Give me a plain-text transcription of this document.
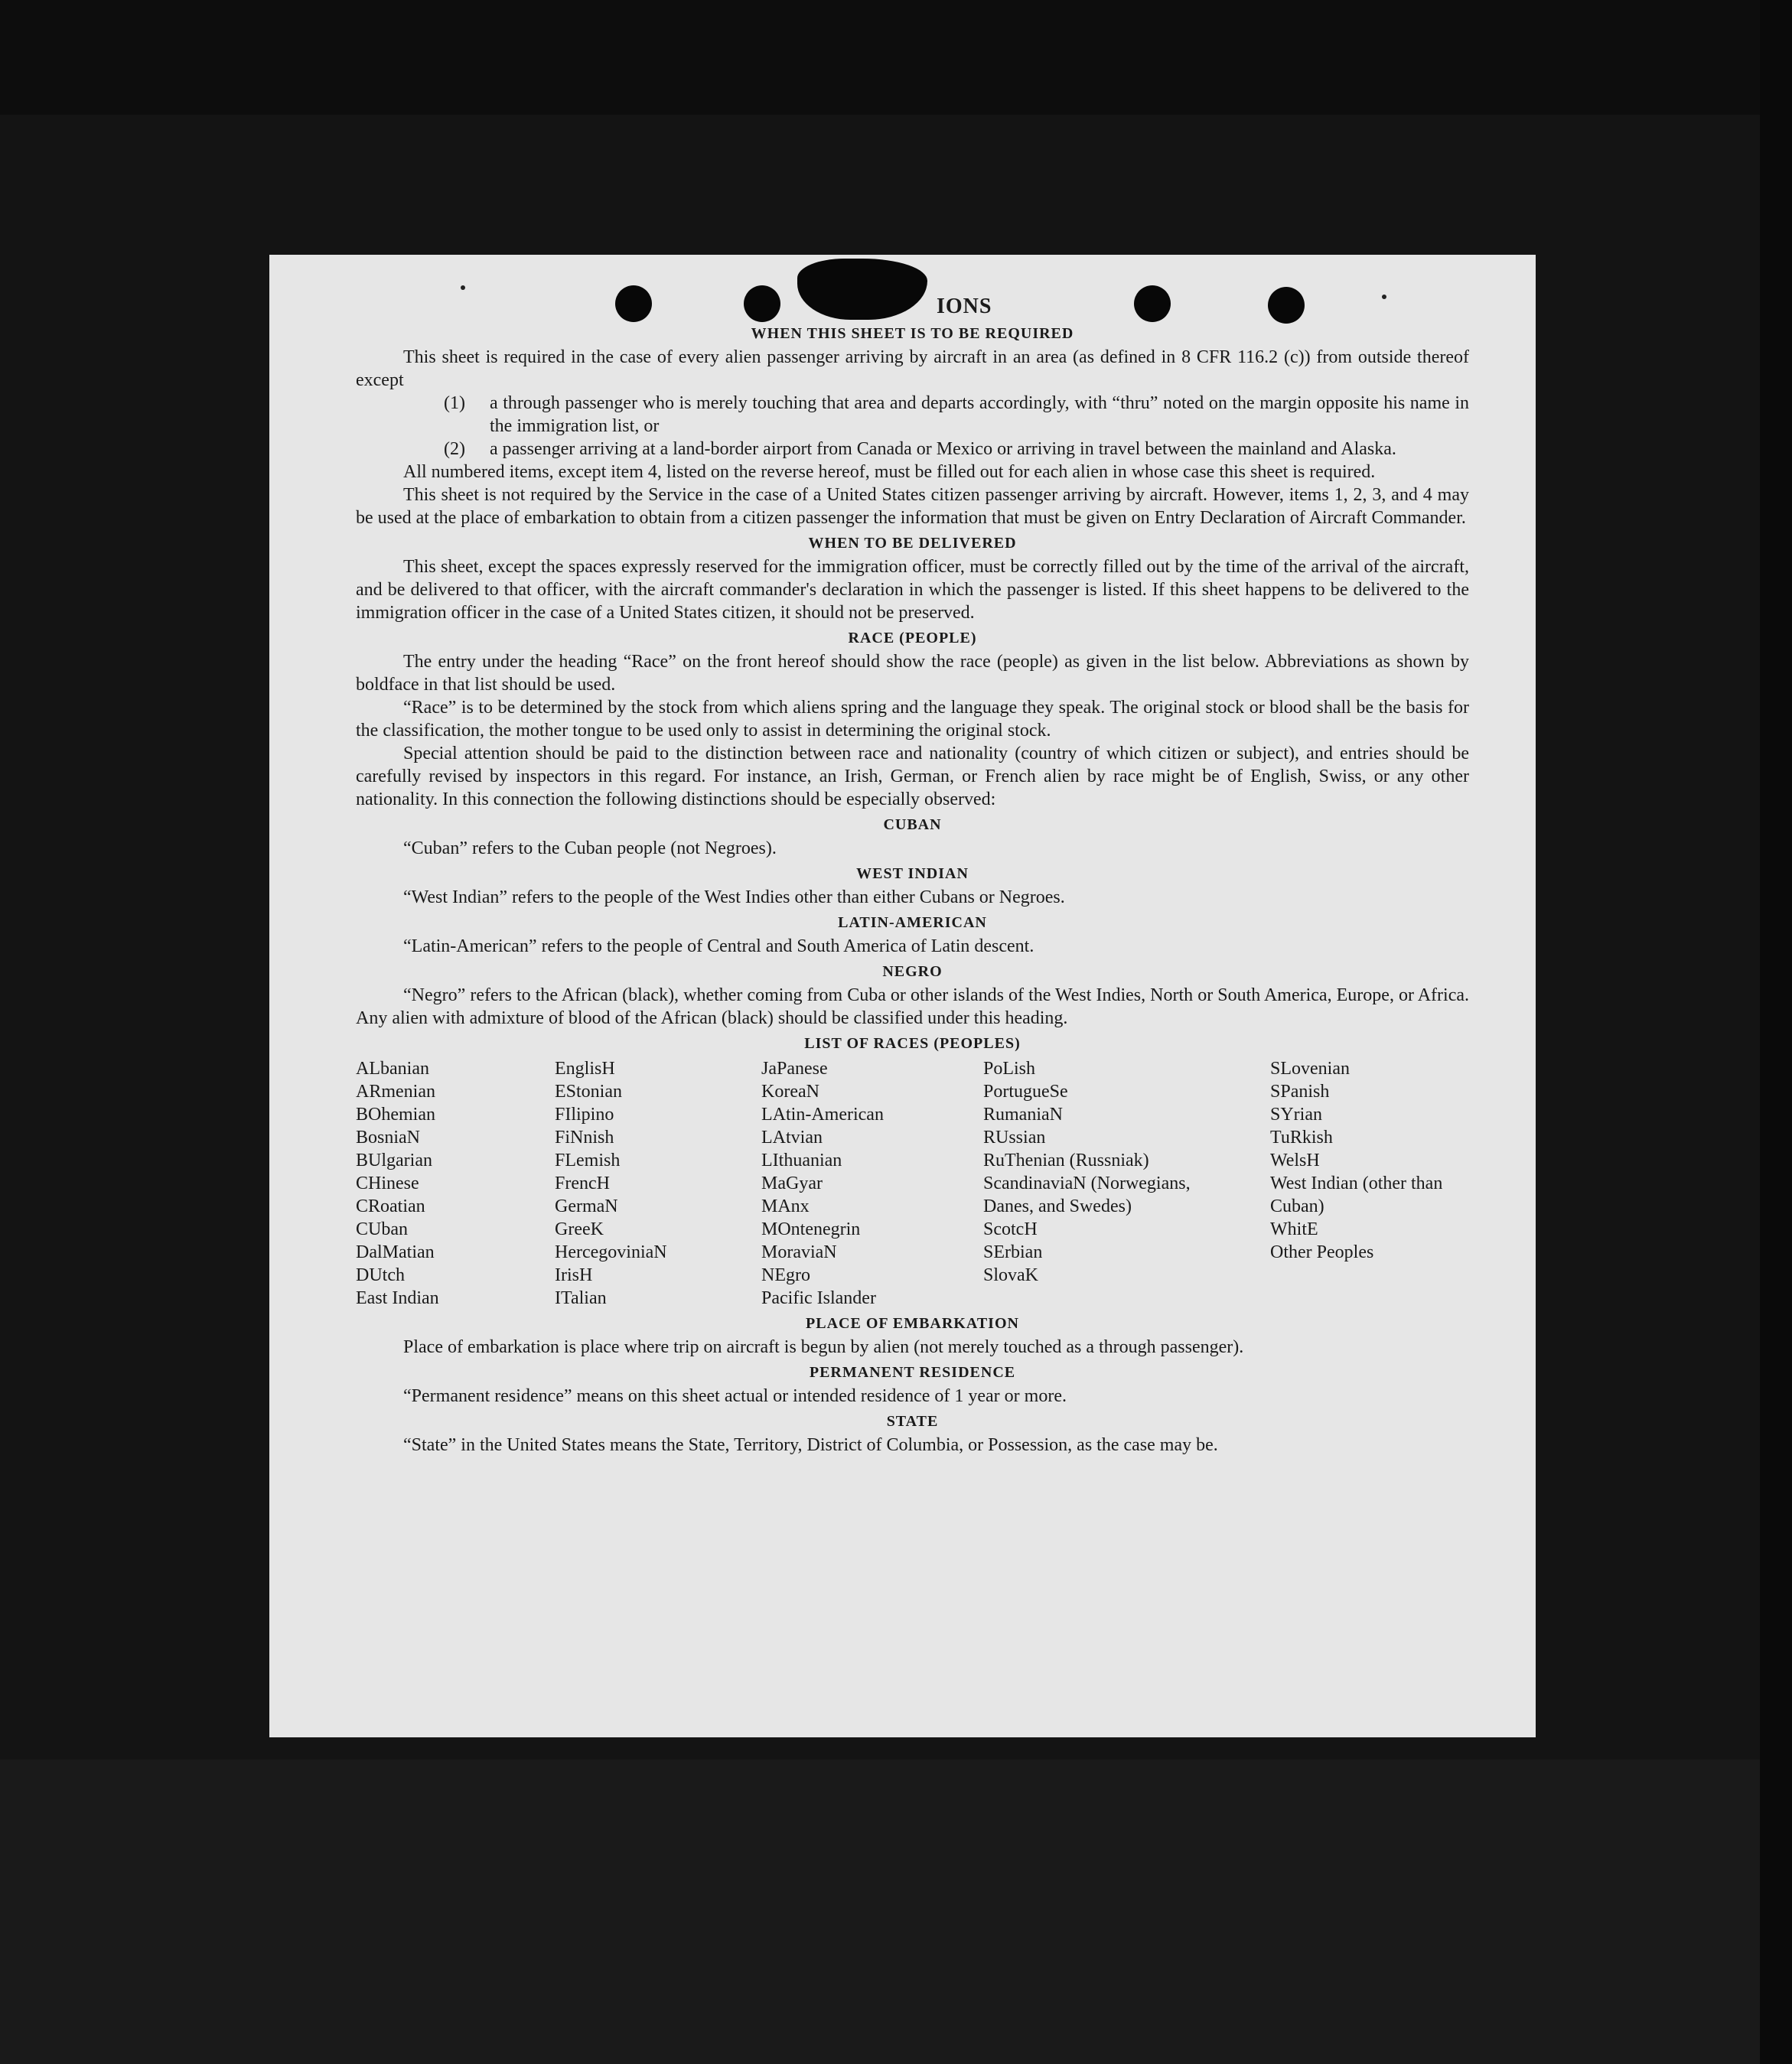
IONS

WHEN THIS SHEET IS TO BE REQUIRED

This sheet is required in the case of every alien passenger arriving by aircraft in an area (as defined in 8 CFR 116.2 (c)) from outside thereof except

(1) a through passenger who is merely touching that area and departs accordingly, with “thru” noted on the margin opposite his name in the immigration list, or

(2) a passenger arriving at a land-border airport from Canada or Mexico or arriving in travel between the mainland and Alaska.

All numbered items, except item 4, listed on the reverse hereof, must be filled out for each alien in whose case this sheet is required.

This sheet is not required by the Service in the case of a United States citizen passenger arriving by aircraft. However, items 1, 2, 3, and 4 may be used at the place of embarkation to obtain from a citizen passenger the information that must be given on Entry Declaration of Aircraft Commander.

WHEN TO BE DELIVERED

This sheet, except the spaces expressly reserved for the immigration officer, must be correctly filled out by the time of the arrival of the aircraft, and be delivered to that officer, with the aircraft commander's declaration in which the passenger is listed. If this sheet happens to be delivered to the immigration officer in the case of a United States citizen, it should not be preserved.

RACE (PEOPLE)

The entry under the heading “Race” on the front hereof should show the race (people) as given in the list below. Abbreviations as shown by boldface in that list should be used.

“Race” is to be determined by the stock from which aliens spring and the language they speak. The original stock or blood shall be the basis for the classification, the mother tongue to be used only to assist in determining the original stock.

Special attention should be paid to the distinction between race and nationality (country of which citizen or subject), and entries should be carefully revised by inspectors in this regard. For instance, an Irish, German, or French alien by race might be of English, Swiss, or any other nationality. In this connection the following distinctions should be especially observed:

CUBAN

“Cuban” refers to the Cuban people (not Negroes).

WEST INDIAN

“West Indian” refers to the people of the West Indies other than either Cubans or Negroes.

LATIN-AMERICAN

“Latin-American” refers to the people of Central and South America of Latin descent.

NEGRO

“Negro” refers to the African (black), whether coming from Cuba or other islands of the West Indies, North or South America, Europe, or Africa. Any alien with admixture of blood of the African (black) should be classified under this heading.

LIST OF RACES (PEOPLES)

ALbanian
ARmenian
BOhemian
BosniaN
BUlgarian
CHinese
CRoatian
CUban
DalMatian
DUtch
East Indian
EnglisH
EStonian
FIlipino
FiNnish
FLemish
FrencH
GermaN
GreeK
HercegoviniaN
IrisH
ITalian
JaPanese
KoreaN
LAtin-American
LAtvian
LIthuanian
MaGyar
MAnx
MOntenegrin
MoraviaN
NEgro
Pacific Islander
PoLish
PortugueSe
RumaniaN
RUssian
RuThenian (Russniak)
ScandinaviaN (Norwegians, Danes, and Swedes)
ScotcH
SErbian
SlovaK
SLovenian
SPanish
SYrian
TuRkish
WelsH
West Indian (other than Cuban)
WhitE
Other Peoples

PLACE OF EMBARKATION

Place of embarkation is place where trip on aircraft is begun by alien (not merely touched as a through passenger).

PERMANENT RESIDENCE

“Permanent residence” means on this sheet actual or intended residence of 1 year or more.

STATE

“State” in the United States means the State, Territory, District of Columbia, or Possession, as the case may be.
